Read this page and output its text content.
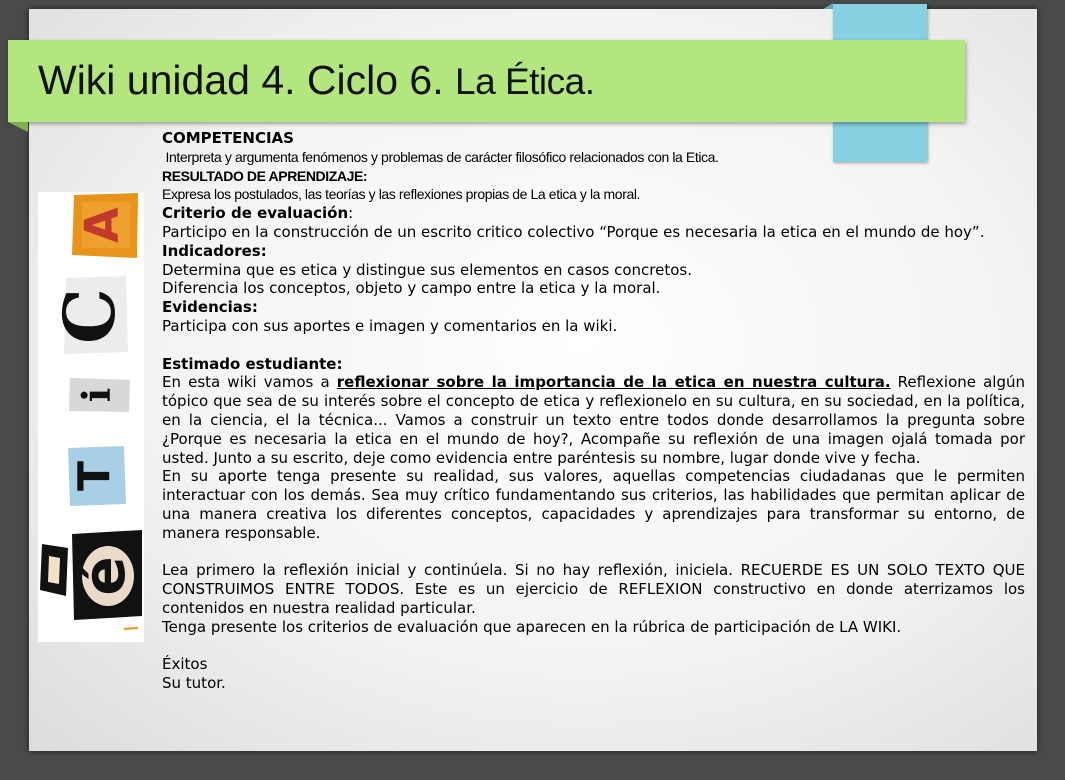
Wiki unidad 4. Ciclo 6. La Ética.
A
C
i
T
é

COMPETENCIAS

Interpreta y argumenta fenómenos y problemas de carácter filosófico relacionados con la Etica.

RESULTADO DE APRENDIZAJE:

Expresa los postulados, las teorías y las reflexiones propias de La etica y la moral.

Criterio de evaluación:

Participo en la construcción de un escrito critico colectivo “Porque es necesaria la etica en el mundo de hoy”.

Indicadores:

Determina que es etica y distingue sus elementos en casos concretos.

Diferencia los conceptos, objeto y campo entre la etica y la moral.

Evidencias:

Participa con sus aportes e imagen y comentarios en la wiki.

Estimado estudiante:

En esta wiki vamos a reflexionar sobre la importancia de la etica en nuestra cultura. Reflexione algún tópico que sea de su interés sobre el concepto de etica y reflexionelo en su cultura, en su sociedad, en la política, en la ciencia, el la técnica... Vamos a construir un texto entre todos donde desarrollamos la pregunta sobre ¿Porque es necesaria la etica en el mundo de hoy?, Acompañe su reflexión de una imagen ojalá tomada por usted. Junto a su escrito, deje como evidencia entre paréntesis su nombre, lugar donde vive y fecha.

En su aporte tenga presente su realidad, sus valores, aquellas competencias ciudadanas que le permiten interactuar con los demás. Sea muy crítico fundamentando sus criterios, las habilidades que permitan aplicar de una manera creativa los diferentes conceptos, capacidades y aprendizajes para transformar su entorno, de manera responsable.

Lea primero la reflexión inicial y continúela. Si no hay reflexión, iniciela. RECUERDE ES UN SOLO TEXTO QUE CONSTRUIMOS ENTRE TODOS. Este es un ejercicio de REFLEXION constructivo en donde aterrizamos los contenidos en nuestra realidad particular.

Tenga presente los criterios de evaluación que aparecen en la rúbrica de participación de LA WIKI.

Éxitos

Su tutor.
